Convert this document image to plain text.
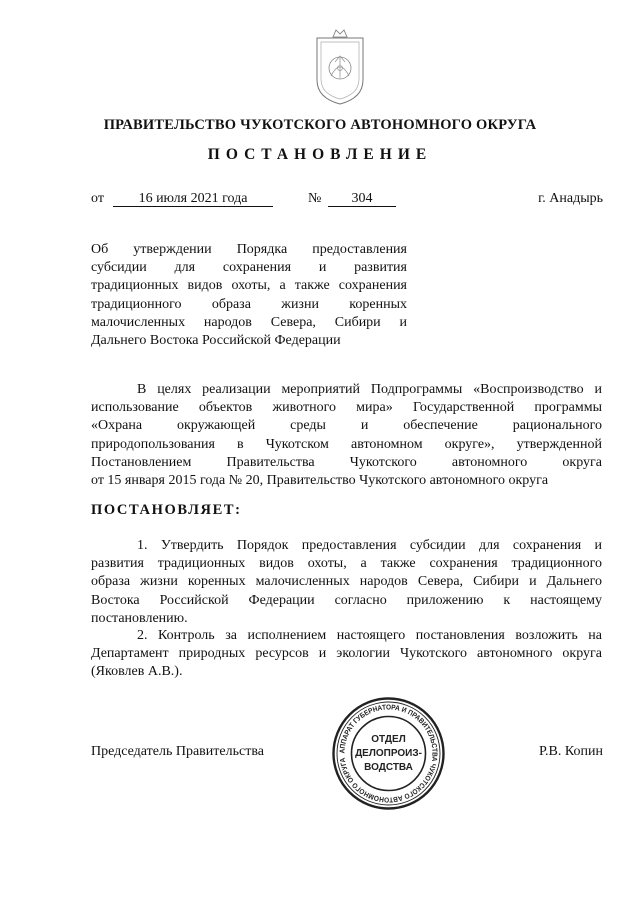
ПРАВИТЕЛЬСТВО ЧУКОТСКОГО АВТОНОМНОГО ОКРУГА
ПОСТАНОВЛЕНИЕ
от	16 июля 2021 года	№	304	г. Анадырь
Об утверждении Порядка предоставления
субсидии для сохранения и развития
традиционных видов охоты, а также сохранения
традиционного образа жизни коренных
малочисленных народов Севера, Сибири и
Дальнего Востока Российской Федерации
В целях реализации мероприятий Подпрограммы «Воспроизводство и
использование объектов животного мира» Государственной программы
«Охрана окружающей среды и обеспечение рационального
природопользования в Чукотском автономном округе», утвержденной
Постановлением Правительства Чукотского автономного округа
от 15 января 2015 года № 20, Правительство Чукотского автономного округа
ПОСТАНОВЛЯЕТ:
1. Утвердить Порядок предоставления субсидии для сохранения и
развития традиционных видов охоты, а также сохранения традиционного
образа жизни коренных малочисленных народов Севера, Сибири и Дальнего
Востока Российской Федерации согласно приложению к настоящему
постановлению.
2. Контроль за исполнением настоящего постановления возложить на
Департамент природных ресурсов и экологии Чукотского автономного округа
(Яковлев А.В.).
Председатель Правительства	Р.В. Копин
АППАРАТ ГУБЕРНАТОРА И ПРАВИТЕЛЬСТВА ЧУКОТСКОГО АВТОНОМНОГО ОКРУГА
ОТДЕЛ
ДЕЛОПРОИЗ-
ВОДСТВА
